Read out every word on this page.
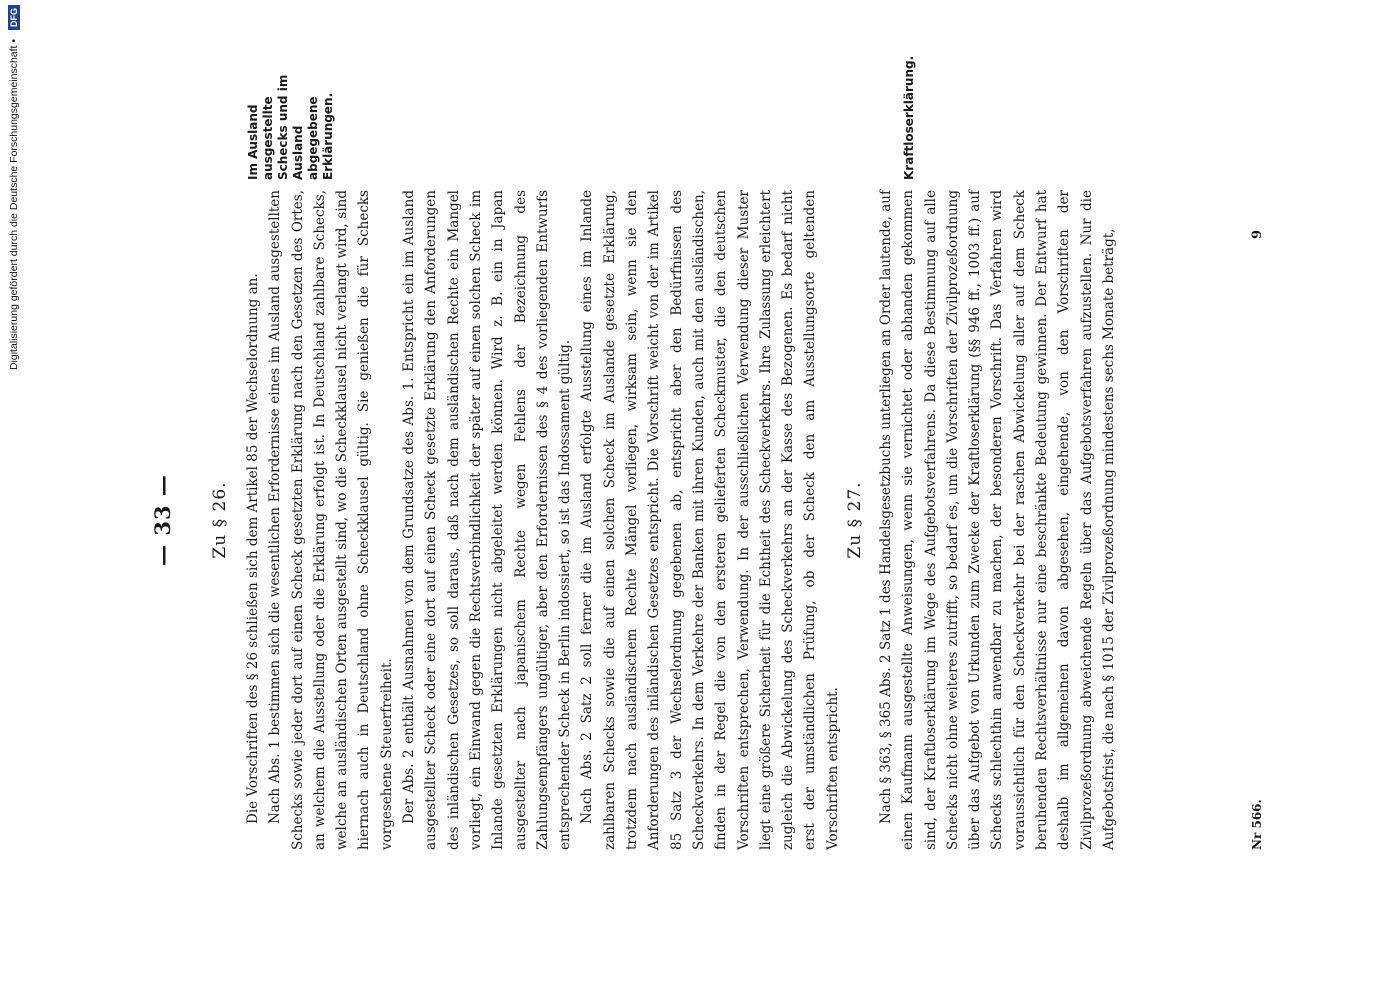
Digitalisierung gefördert durch die Deutsche Forschungsgemeinschaft • DFG
— 33 —	Zu § 26. Die Vorschriften des § 26 schließen sich dem Artikel 85 der Wechselordnung an. Nach Abs. 1 bestimmen sich die wesentlichen Erfordernisse eines im Ausland ausgestellten Schecks sowie jeder dort auf einen Scheck gesetzten Erklärung nach den Gesetzen des Ortes, an welchem die Ausstellung oder die Erklärung erfolgt ist. In Deutschland zahlbare Schecks, welche an ausländischen Orten ausgestellt sind, wo die Scheckklausel nicht verlangt wird, sind hiernach auch in Deutschland ohne Scheckklausel gültig. Sie genießen die für Schecks vorgesehene Steuerfreiheit. Der Abs. 2 enthält Ausnahmen von dem Grundsatze des Abs. 1. Entspricht ein im Ausland ausgestellter Scheck oder eine dort auf einen Scheck gesetzte Erklärung den Anforderungen des inländischen Gesetzes, so soll daraus, daß nach dem ausländischen Rechte ein Mangel vorliegt, ein Einwand gegen die Rechtsverbindlichkeit der später auf einen solchen Scheck im Inlande gesetzten Erklärungen nicht abgeleitet werden können. Wird z. B. ein in Japan ausgestellter nach japanischem Rechte wegen Fehlens der Bezeichnung des Zahlungsempfängers ungültiger, aber den Erfordernissen des § 4 des vorliegenden Entwurfs entsprechender Scheck in Berlin indossiert, so ist das Indossament gültig. Nach Abs. 2 Satz 2 soll ferner die im Ausland erfolgte Ausstellung eines im Inlande zahlbaren Schecks sowie die auf einen solchen Scheck im Auslande gesetzte Erklärung, trotzdem nach ausländischem Rechte Mängel vorliegen, wirksam sein, wenn sie den Anforderungen des inländischen Gesetzes entspricht. Die Vorschrift weicht von der im Artikel 85 Satz 3 der Wechselordnung gegebenen ab, entspricht aber den Bedürfnissen des Scheckverkehrs. In dem Verkehre der Banken mit ihren Kunden, auch mit den ausländischen, finden in der Regel die von den ersteren gelieferten Scheckmuster, die den deutschen Vorschriften entsprechen, Verwendung. In der ausschließlichen Verwendung dieser Muster liegt eine größere Sicherheit für die Echtheit des Scheckverkehrs. Ihre Zulassung erleichtert zugleich die Abwickelung des Scheckverkehrs an der Kasse des Bezogenen. Es bedarf nicht erst der umständlichen Prüfung, ob der Scheck den am Ausstellungsorte geltenden Vorschriften entspricht.

Im Ausland ausgestellte Schecks und im Ausland abgegebene Erklärungen.

Zu § 27. Nach § 363, § 365 Abs. 2 Satz 1 des Handelsgesetzbuchs unterliegen an Order lautende, auf einen Kaufmann ausgestellte Anweisungen, wenn sie vernichtet oder abhanden gekommen sind, der Kraftloserklärung im Wege des Aufgebotsverfahrens. Da diese Bestimmung auf alle Schecks nicht ohne weiteres zutrifft, so bedarf es, um die Vorschriften der Zivilprozeßordnung über das Aufgebot von Urkunden zum Zwecke der Kraftloserklärung (§§ 946 ff., 1003 ff.) auf Schecks schlechthin anwendbar zu machen, der besonderen Vorschrift. Das Verfahren wird voraussichtlich für den Scheckverkehr bei der raschen Abwickelung aller auf dem Scheck beruhenden Rechtsverhältnisse nur eine beschränkte Bedeutung gewinnen. Der Entwurf hat deshalb im allgemeinen davon abgesehen, eingehende, von den Vorschriften der Zivilprozeßordnung abweichende Regeln über das Aufgebotsverfahren aufzustellen. Nur die Aufgebotsfrist, die nach § 1015 der Zivilprozeßordnung mindestens sechs Monate beträgt,

Kraftloserklärung.
Nr 566.
9
